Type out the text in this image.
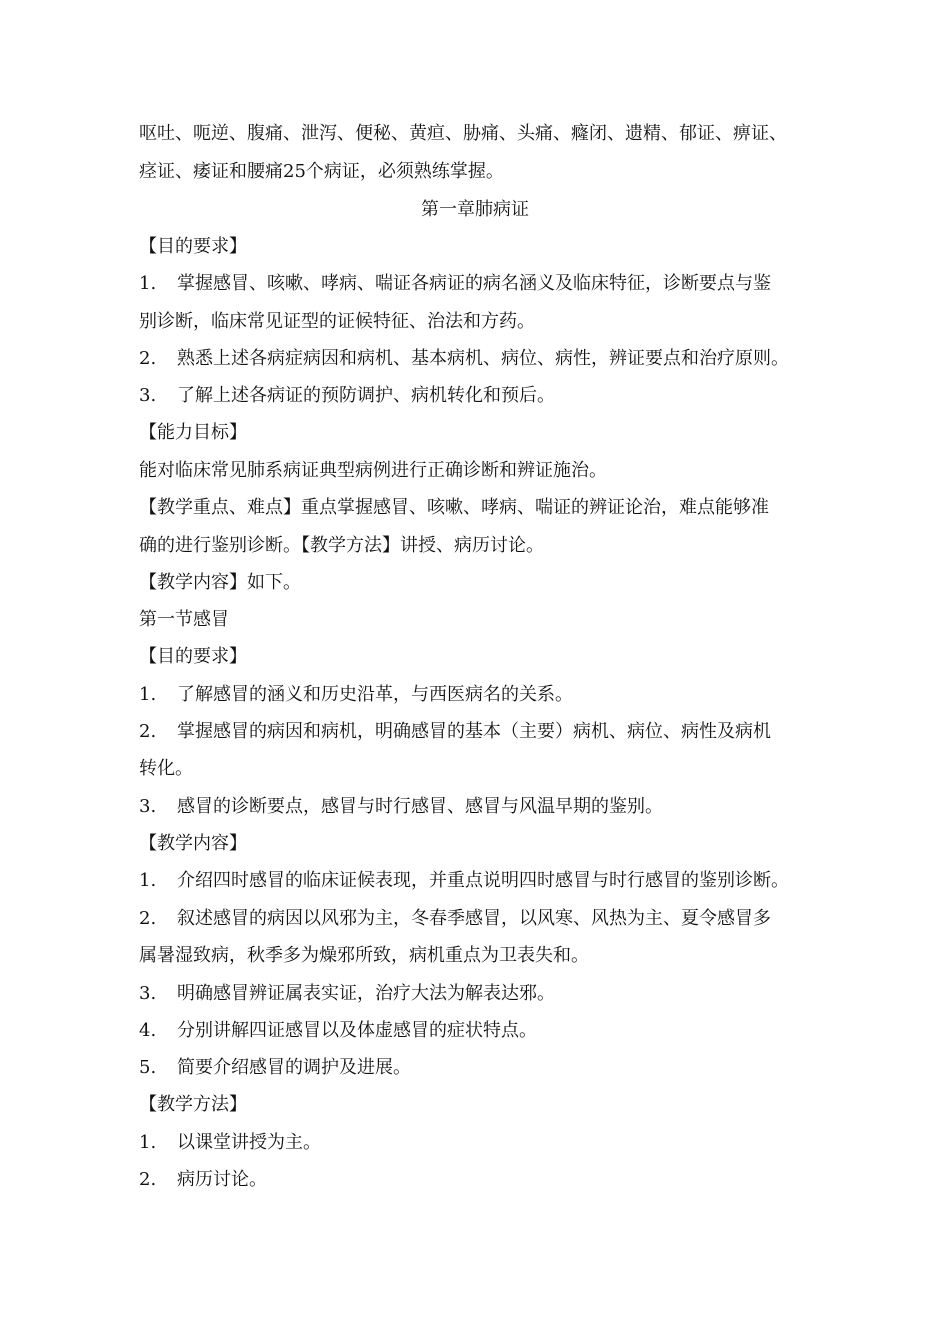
呕吐、呃逆、腹痛、泄泻、便秘、黄疸、胁痛、头痛、癃闭、遗精、郁证、痹证、
痉证、痿证和腰痛25个病证，必须熟练掌握。
第一章肺病证
【目的要求】
1. 掌握感冒、咳嗽、哮病、喘证各病证的病名涵义及临床特征，诊断要点与鉴
别诊断，临床常见证型的证候特征、治法和方药。
2. 熟悉上述各病症病因和病机、基本病机、病位、病性，辨证要点和治疗原则。
3. 了解上述各病证的预防调护、病机转化和预后。
【能力目标】
能对临床常见肺系病证典型病例进行正确诊断和辨证施治。
【教学重点、难点】重点掌握感冒、咳嗽、哮病、喘证的辨证论治，难点能够准
确的进行鉴别诊断。【教学方法】讲授、病历讨论。
【教学内容】如下。
第一节感冒
【目的要求】
1. 了解感冒的涵义和历史沿革，与西医病名的关系。
2. 掌握感冒的病因和病机，明确感冒的基本（主要）病机、病位、病性及病机
转化。
3. 感冒的诊断要点，感冒与时行感冒、感冒与风温早期的鉴别。
【教学内容】
1. 介绍四时感冒的临床证候表现，并重点说明四时感冒与时行感冒的鉴别诊断。
2. 叙述感冒的病因以风邪为主，冬春季感冒，以风寒、风热为主、夏令感冒多
属暑湿致病，秋季多为燥邪所致，病机重点为卫表失和。
3. 明确感冒辨证属表实证，治疗大法为解表达邪。
4. 分别讲解四证感冒以及体虚感冒的症状特点。
5. 简要介绍感冒的调护及进展。
【教学方法】
1. 以课堂讲授为主。
2. 病历讨论。
